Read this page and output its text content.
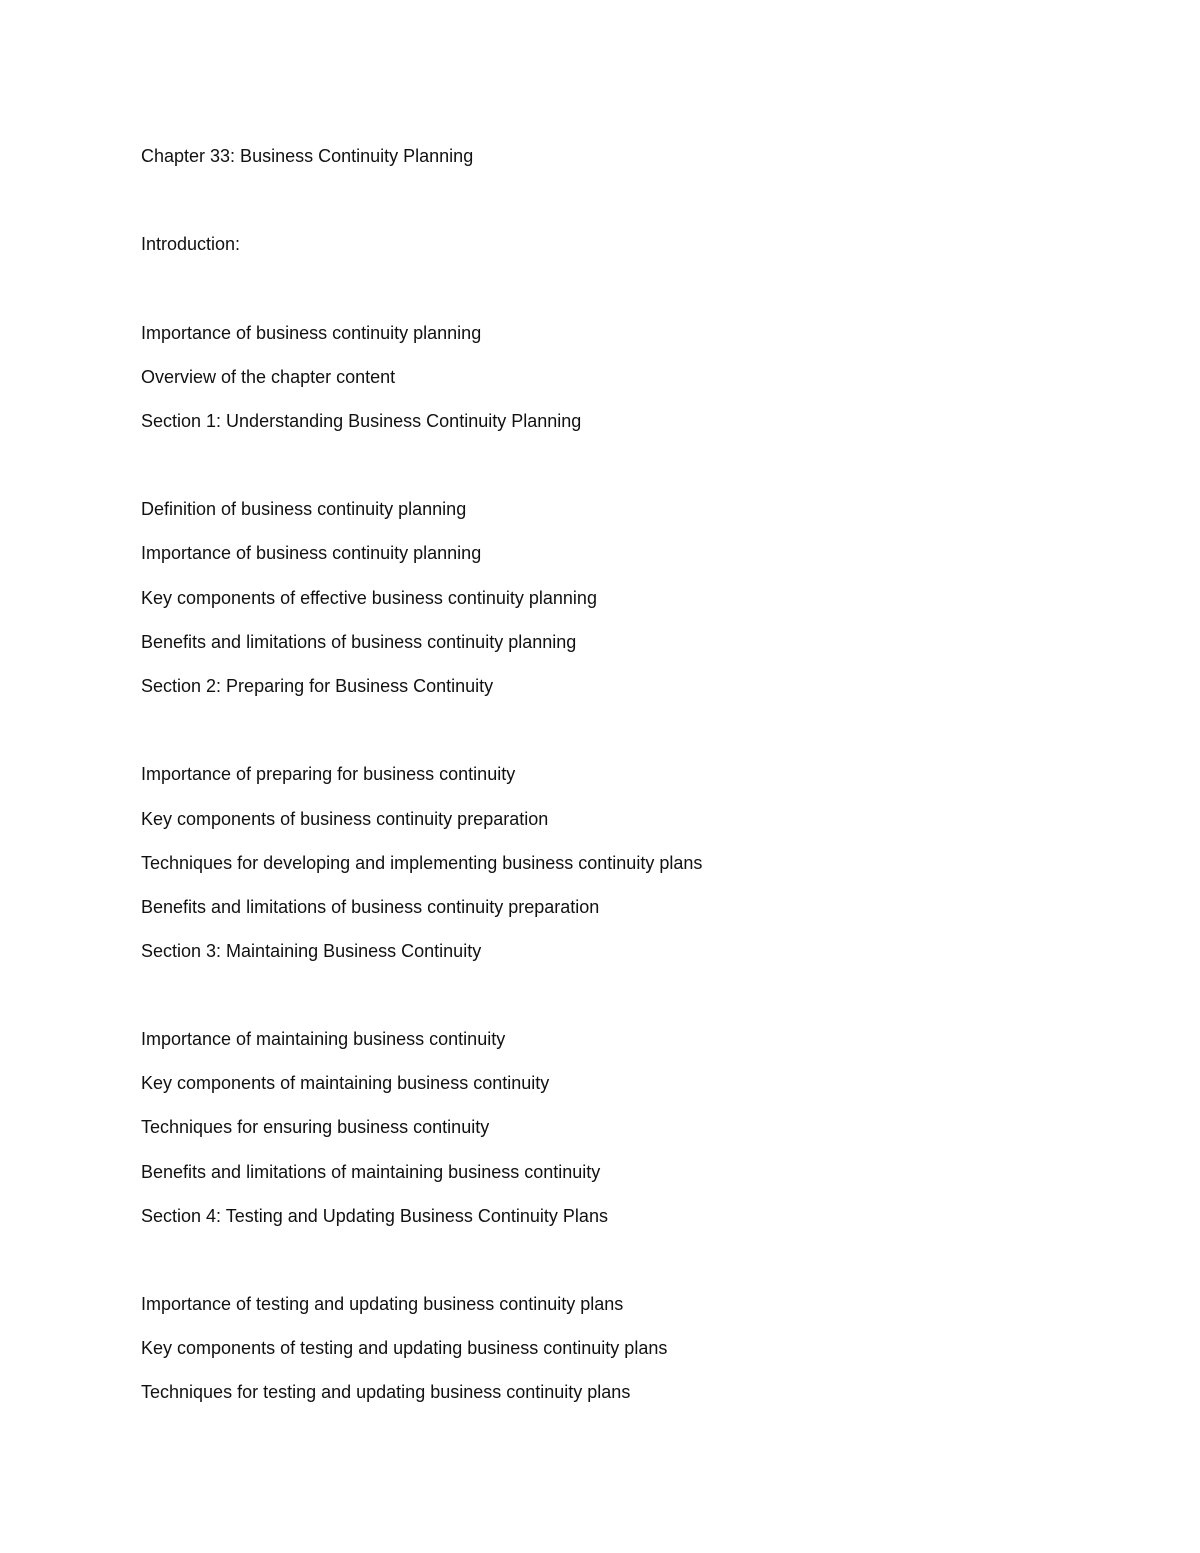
Chapter 33: Business Continuity Planning

Introduction:

Importance of business continuity planning

Overview of the chapter content

Section 1: Understanding Business Continuity Planning

Definition of business continuity planning

Importance of business continuity planning

Key components of effective business continuity planning

Benefits and limitations of business continuity planning

Section 2: Preparing for Business Continuity

Importance of preparing for business continuity

Key components of business continuity preparation

Techniques for developing and implementing business continuity plans

Benefits and limitations of business continuity preparation

Section 3: Maintaining Business Continuity

Importance of maintaining business continuity

Key components of maintaining business continuity

Techniques for ensuring business continuity

Benefits and limitations of maintaining business continuity

Section 4: Testing and Updating Business Continuity Plans

Importance of testing and updating business continuity plans

Key components of testing and updating business continuity plans

Techniques for testing and updating business continuity plans
